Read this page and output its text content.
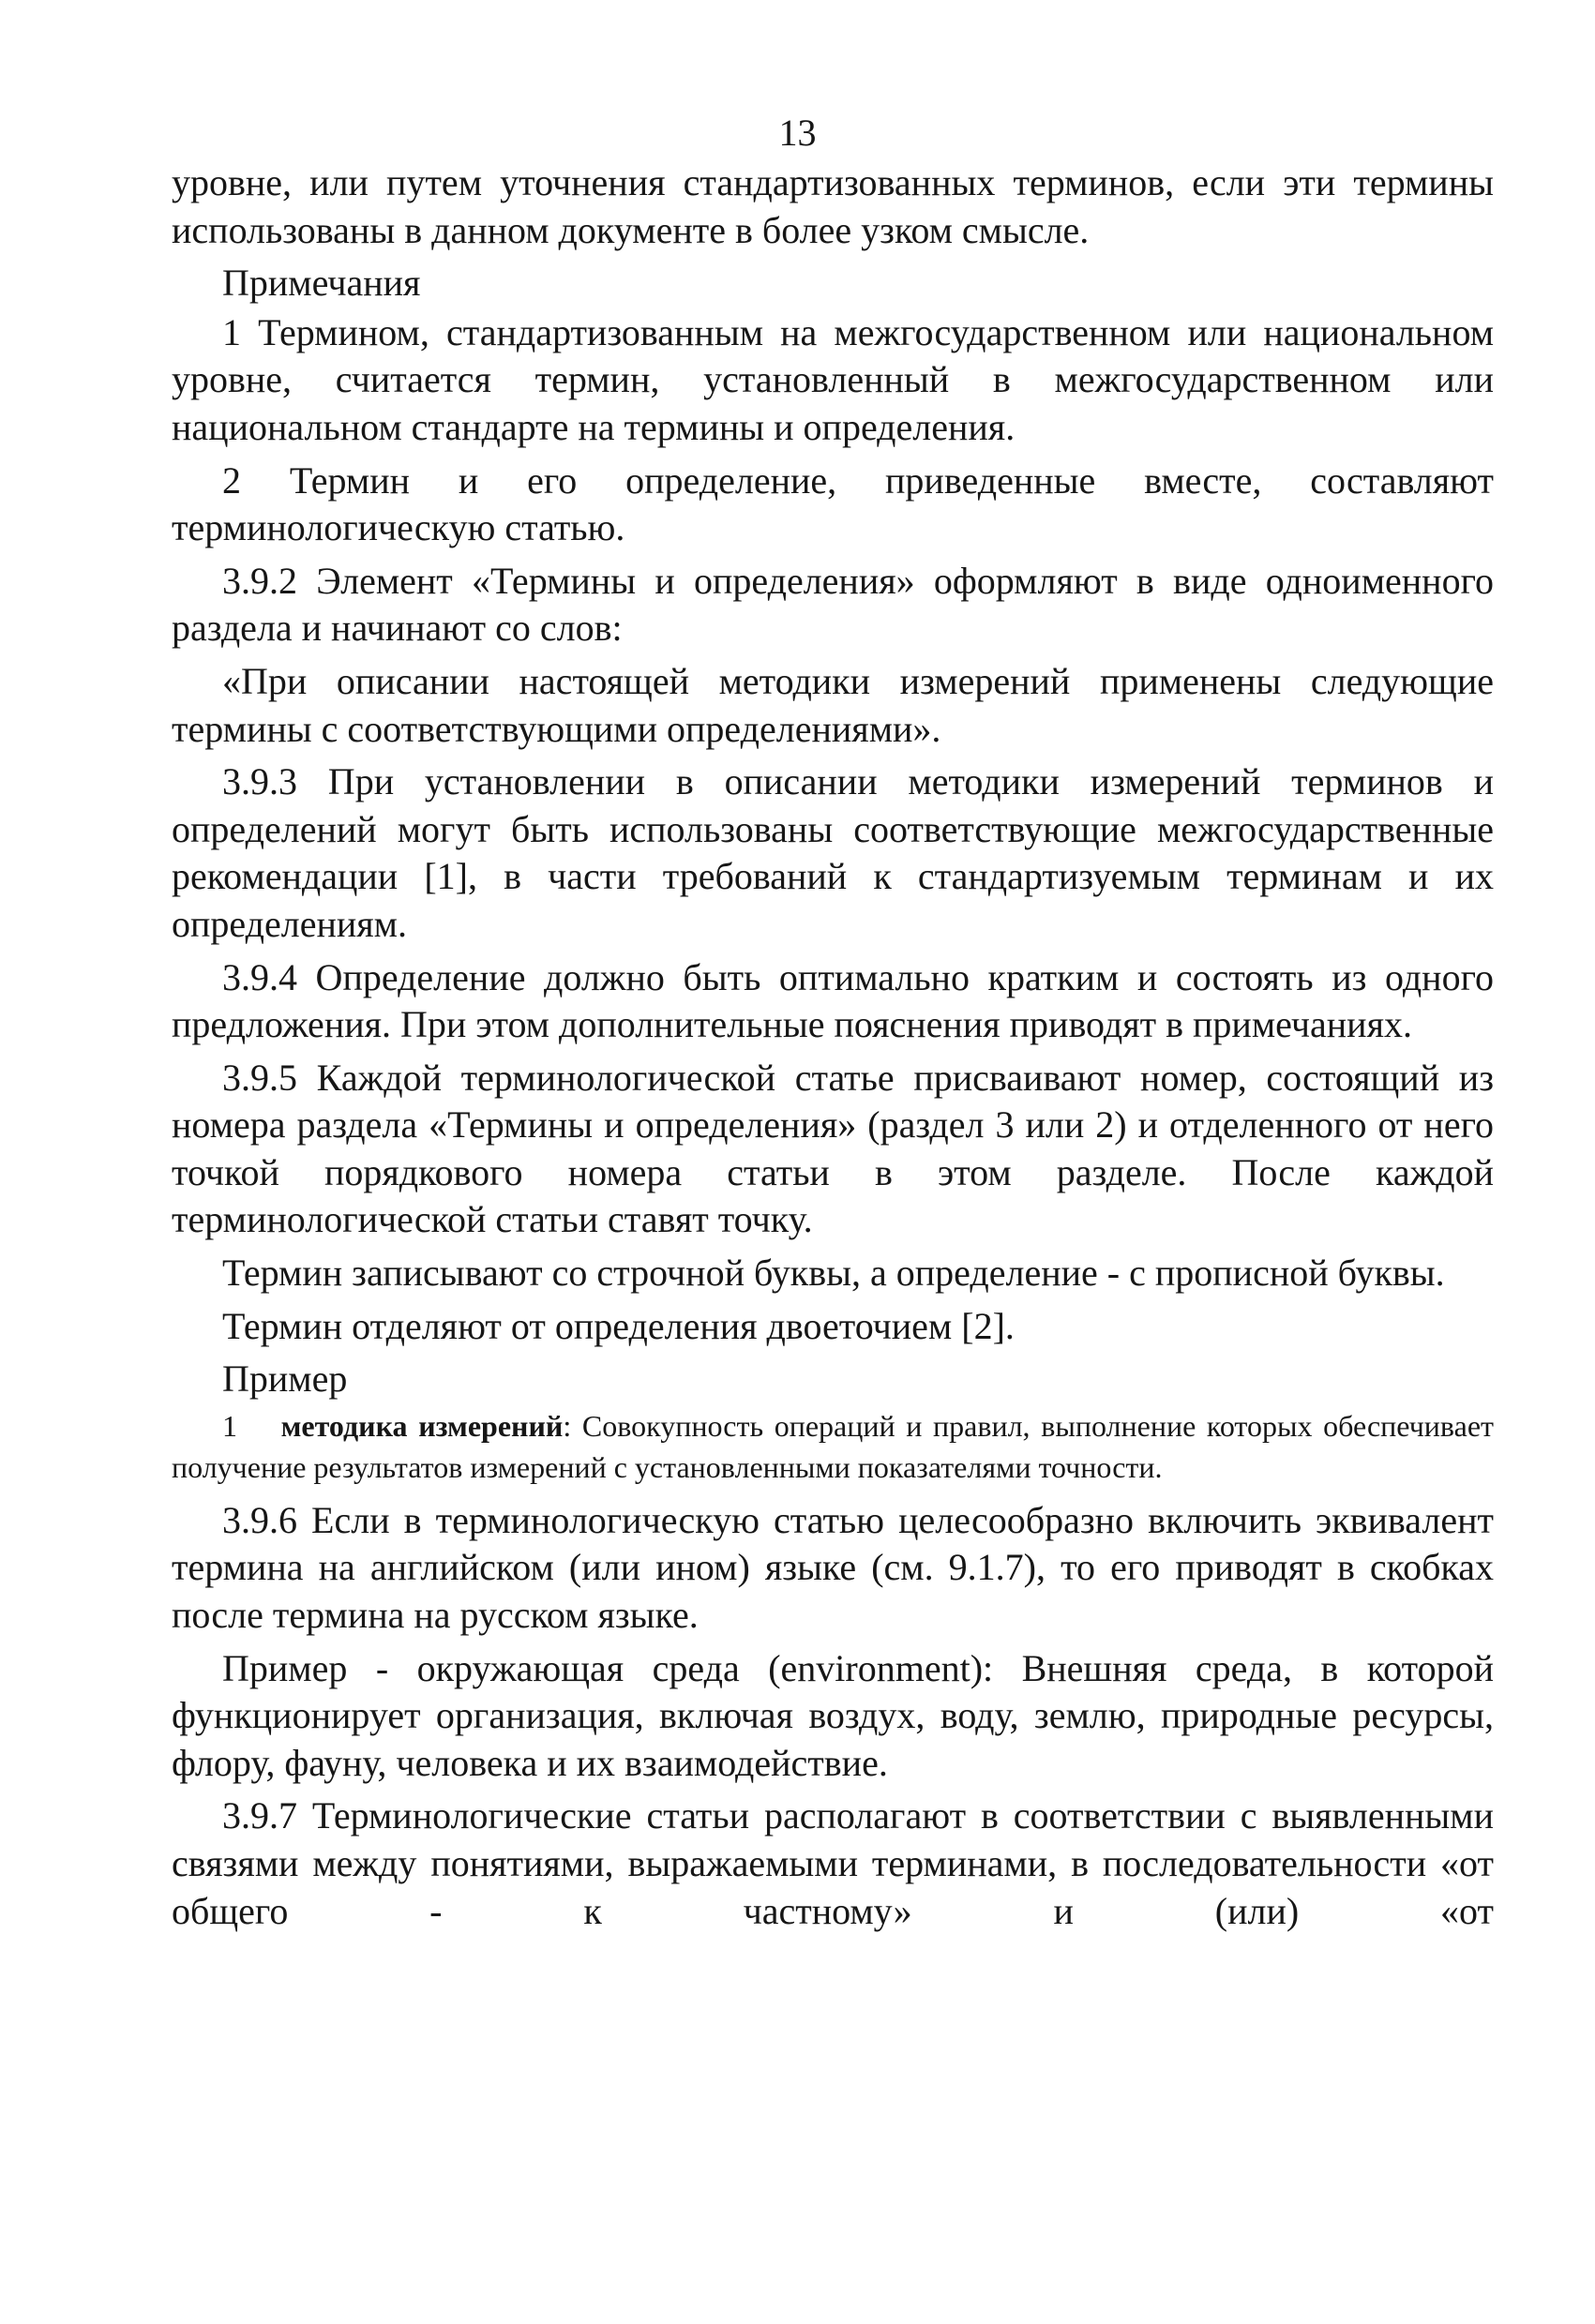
13

уровне, или путем уточнения стандартизованных терминов, если эти термины использованы в данном документе в более узком смысле.

Примечания

1 Термином, стандартизованным на межгосударственном или национальном уровне, считается термин, установленный в межгосударственном или национальном стандарте на термины и определения.

2 Термин и его определение, приведенные вместе, составляют терминологическую статью.

3.9.2 Элемент «Термины и определения» оформляют в виде одноименного раздела и начинают со слов:

«При описании настоящей методики измерений применены следующие термины с соответствующими определениями».

3.9.3 При установлении в описании методики измерений терминов и определений могут быть использованы соответствующие межгосударственные рекомендации [1], в части требований к стандартизуемым терминам и их определениям.

3.9.4 Определение должно быть оптимально кратким и состоять из одного предложения. При этом дополнительные пояснения приводят в примечаниях.

3.9.5 Каждой терминологической статье присваивают номер, состоящий из номера раздела «Термины и определения» (раздел 3 или 2) и отделенного от него точкой порядкового номера статьи в этом разделе. После каждой терминологической статьи ставят точку.

Термин записывают со строчной буквы, а определение - с прописной буквы.

Термин отделяют от определения двоеточием [2].

Пример

1 методика измерений: Совокупность операций и правил, выполнение которых обеспечивает получение результатов измерений с установленными показателями точности.

3.9.6 Если в терминологическую статью целесообразно включить эквивалент термина на английском (или ином) языке (см. 9.1.7), то его приводят в скобках после термина на русском языке.

Пример - окружающая среда (environment): Внешняя среда, в которой функционирует организация, включая воздух, воду, землю, природные ресурсы, флору, фауну, человека и их взаимодействие.

3.9.7 Терминологические статьи располагают в соответствии с выявленными связями между понятиями, выражаемыми терминами, в последовательности «от общего - к частному» и (или) «от
